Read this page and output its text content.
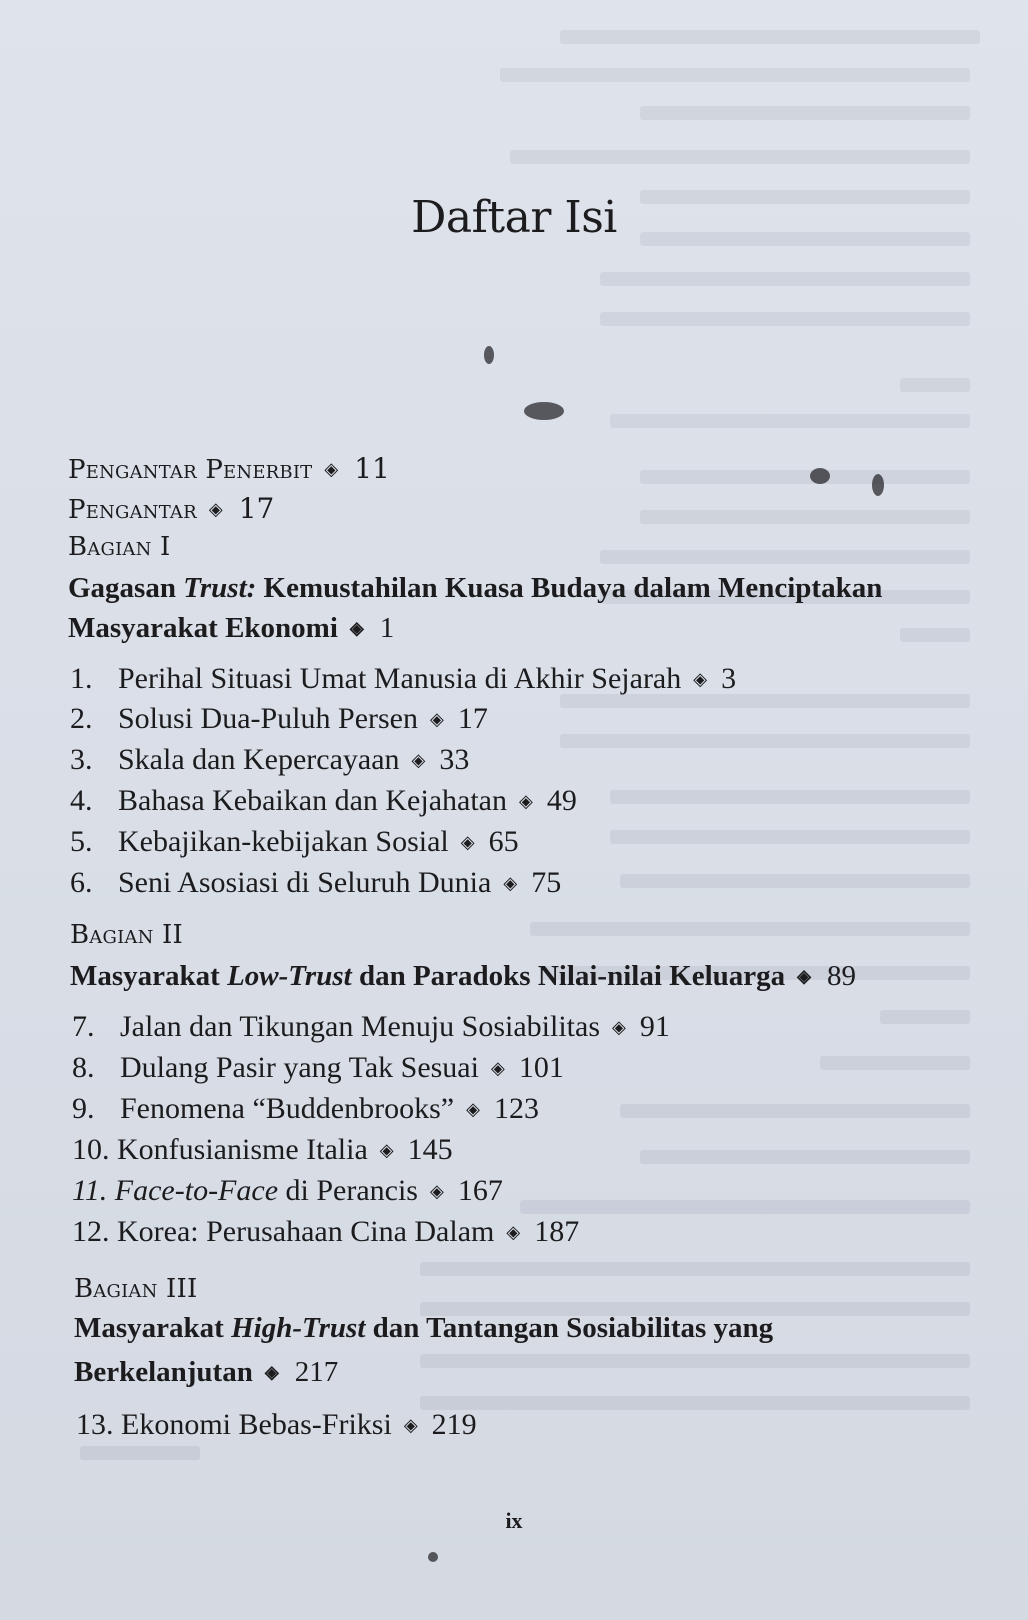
Daftar Isi
Pengantar Penerbit ◈ 11
Pengantar ◈ 17
Bagian I
Gagasan Trust: Kemustahilan Kuasa Budaya dalam Menciptakan
Masyarakat Ekonomi ◈ 1
1. Perihal Situasi Umat Manusia di Akhir Sejarah ◈ 3
2. Solusi Dua-Puluh Persen ◈ 17
3. Skala dan Kepercayaan ◈ 33
4. Bahasa Kebaikan dan Kejahatan ◈ 49
5. Kebajikan-kebijakan Sosial ◈ 65
6. Seni Asosiasi di Seluruh Dunia ◈ 75
Bagian II
Masyarakat Low-Trust dan Paradoks Nilai-nilai Keluarga ◈ 89
7. Jalan dan Tikungan Menuju Sosiabilitas ◈ 91
8. Dulang Pasir yang Tak Sesuai ◈ 101
9. Fenomena “Buddenbrooks” ◈ 123
10. Konfusianisme Italia ◈ 145
11. Face-to-Face di Perancis ◈ 167
12. Korea: Perusahaan Cina Dalam ◈ 187
Bagian III
Masyarakat High-Trust dan Tantangan Sosiabilitas yang
Berkelanjutan ◈ 217
13. Ekonomi Bebas-Friksi ◈ 219
ix
